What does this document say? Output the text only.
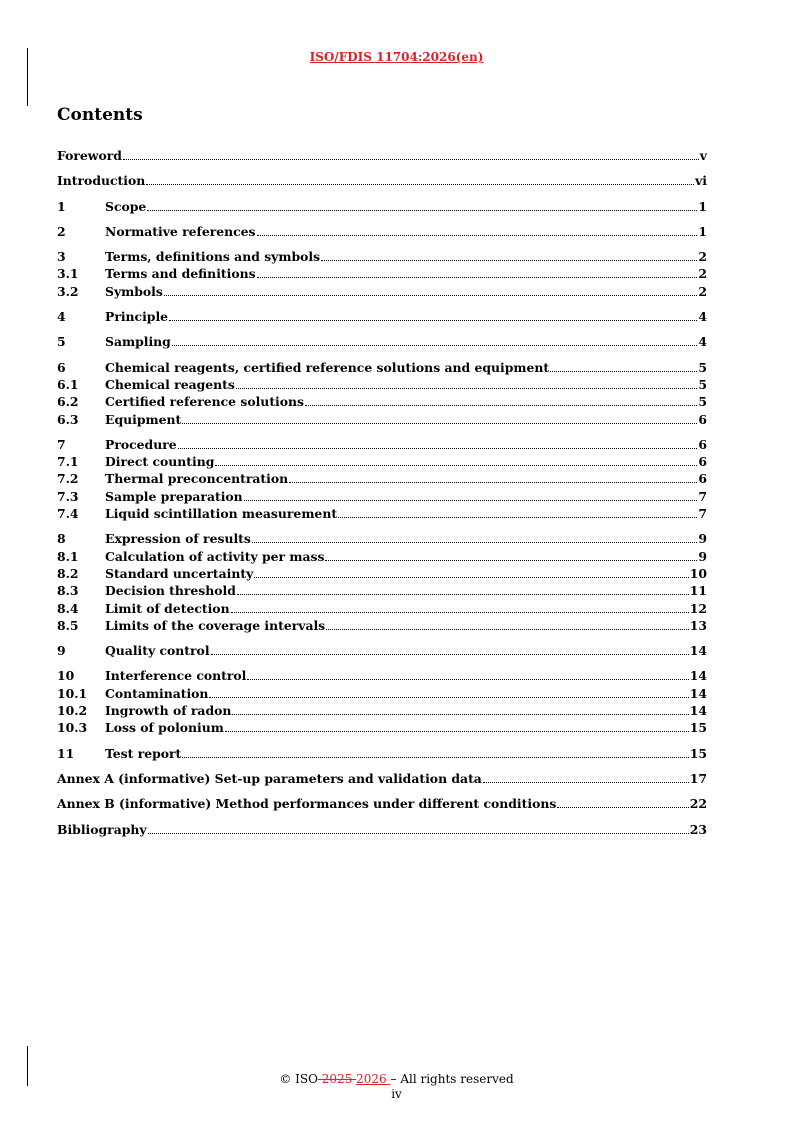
ISO/FDIS 11704:2026(en)
Contents
Foreword	v
Introduction	vi
1	Scope	1
2	Normative references	1
3	Terms, definitions and symbols	2
3.1	Terms and definitions	2
3.2	Symbols	2
4	Principle	4
5	Sampling	4
6	Chemical reagents, certified reference solutions and equipment	5
6.1	Chemical reagents	5
6.2	Certified reference solutions	5
6.3	Equipment	6
7	Procedure	6
7.1	Direct counting	6
7.2	Thermal preconcentration	6
7.3	Sample preparation	7
7.4	Liquid scintillation measurement	7
8	Expression of results	9
8.1	Calculation of activity per mass	9
8.2	Standard uncertainty	10
8.3	Decision threshold	11
8.4	Limit of detection	12
8.5	Limits of the coverage intervals	13
9	Quality control	14
10	Interference control	14
10.1	Contamination	14
10.2	Ingrowth of radon	14
10.3	Loss of polonium	15
11	Test report	15
Annex A (informative) Set-up parameters and validation data	17
Annex B (informative) Method performances under different conditions	22
Bibliography	23
© ISO 2025 2026 – All rights reserved
iv
